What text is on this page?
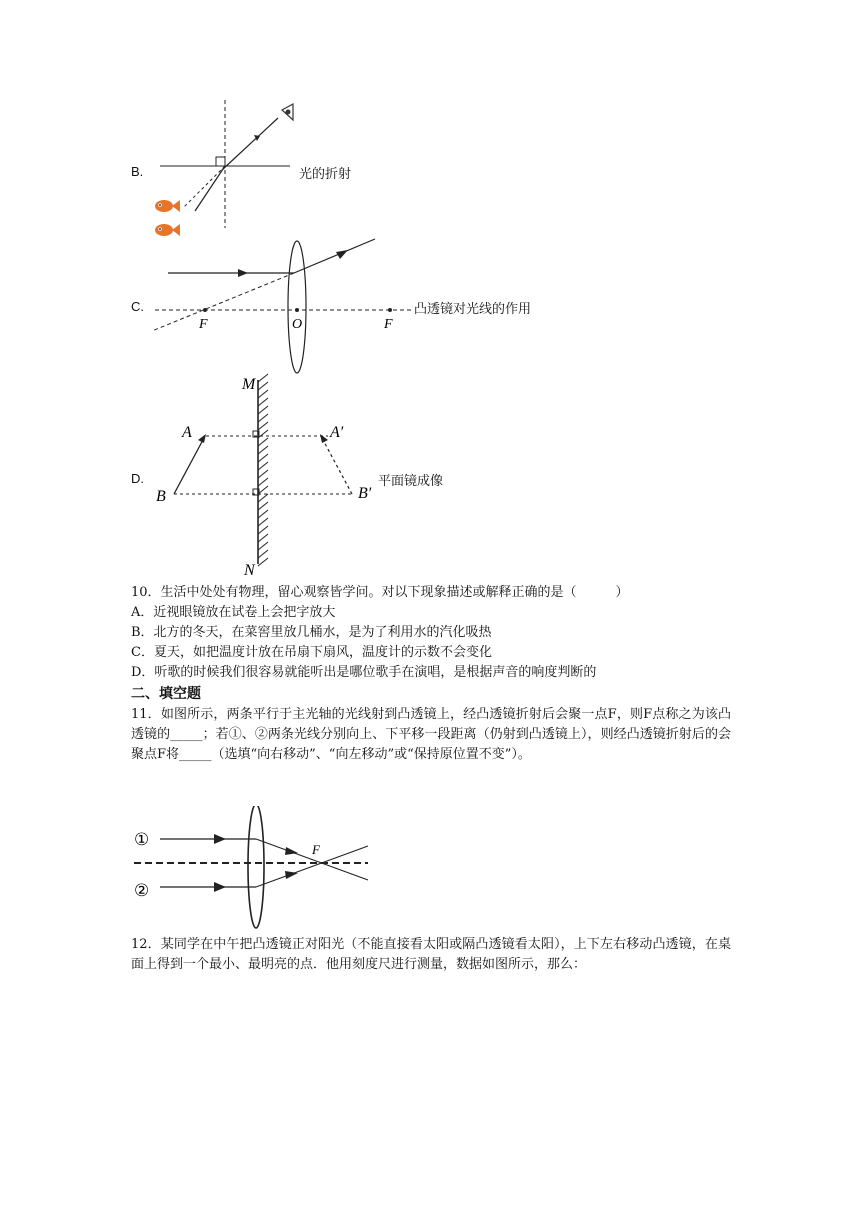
B.	光的折射
C.
F	O	F
凸透镜对光线的作用
D.
M
N
A
B
A′
B′
平面镜成像
10．生活中处处有物理，留心观察皆学问。对以下现象描述或解释正确的是（　　　）
A．近视眼镜放在试卷上会把字放大
B．北方的冬天，在菜窖里放几桶水，是为了利用水的汽化吸热
C．夏天，如把温度计放在吊扇下扇风，温度计的示数不会变化
D．听歌的时候我们很容易就能听出是哪位歌手在演唱，是根据声音的响度判断的
二、填空题
11．如图所示，两条平行于主光轴的光线射到凸透镜上，经凸透镜折射后会聚一点F，则F点称之为该凸透镜的_____；若①、②两条光线分别向上、下平移一段距离（仍射到凸透镜上），则经凸透镜折射后的会聚点F将_____（选填“向右移动”、“向左移动”或“保持原位置不变”）。
①
②
F
12．某同学在中午把凸透镜正对阳光（不能直接看太阳或隔凸透镜看太阳），上下左右移动凸透镜，在桌面上得到一个最小、最明亮的点．他用刻度尺进行测量，数据如图所示，那么：
